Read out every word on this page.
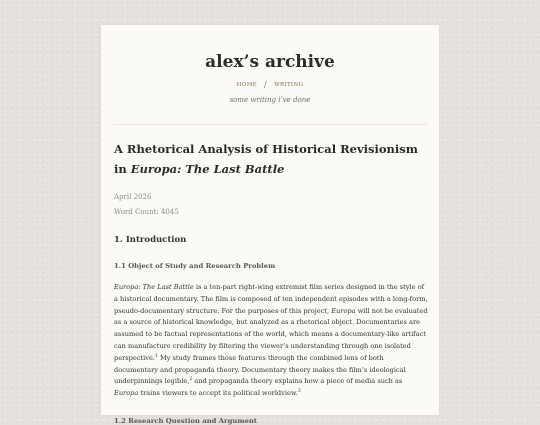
alex’s archive
HOME / WRITING
some writing i’ve done
A Rhetorical Analysis of Historical Revisionism in Europa: The Last Battle
April 2026
Word Count: 4045
1. Introduction
1.1 Object of Study and Research Problem

Europa: The Last Battle is a ten-part right-wing extremist film series designed in the style of a historical documentary. The film is composed of ten independent episodes with a long-form, pseudo-documentary structure. For the purposes of this project, Europa will not be evaluated as a source of historical knowledge, but analyzed as a rhetorical object. Documentaries are assumed to be factual representations of the world, which means a documentary-like artifact can manufacture credibility by filtering the viewer’s understanding through one isolated perspective.$^1$ My study frames those features through the combined lens of both documentary and propaganda theory. Documentary theory makes the film’s ideological underpinnings legible,$^2$ and propaganda theory explains how a piece of media such as Europa trains viewers to accept its political worldview.$^3$

1.2 Research Question and Argument
